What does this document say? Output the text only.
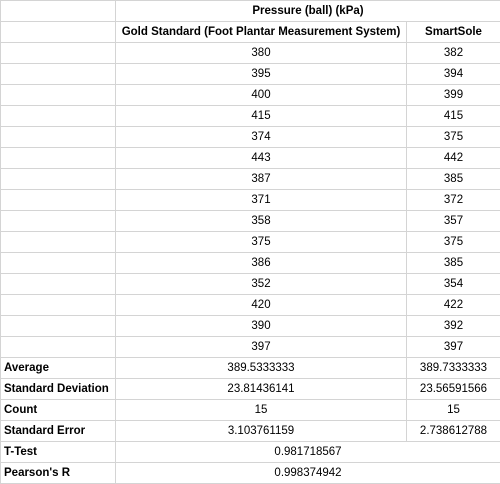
	Pressure (ball) (kPa)	
	Gold Standard (Foot Plantar Measurement System)	SmartSole
	380	382
	395	394
	400	399
	415	415
	374	375
	443	442
	387	385
	371	372
	358	357
	375	375
	386	385
	352	354
	420	422
	390	392
	397	397
Average	389.5333333	389.7333333
Standard Deviation	23.81436141	23.56591566
Count	15	15
Standard Error	3.103761159	2.738612788
T-Test	0.981718567	
Pearson's R	0.998374942	
